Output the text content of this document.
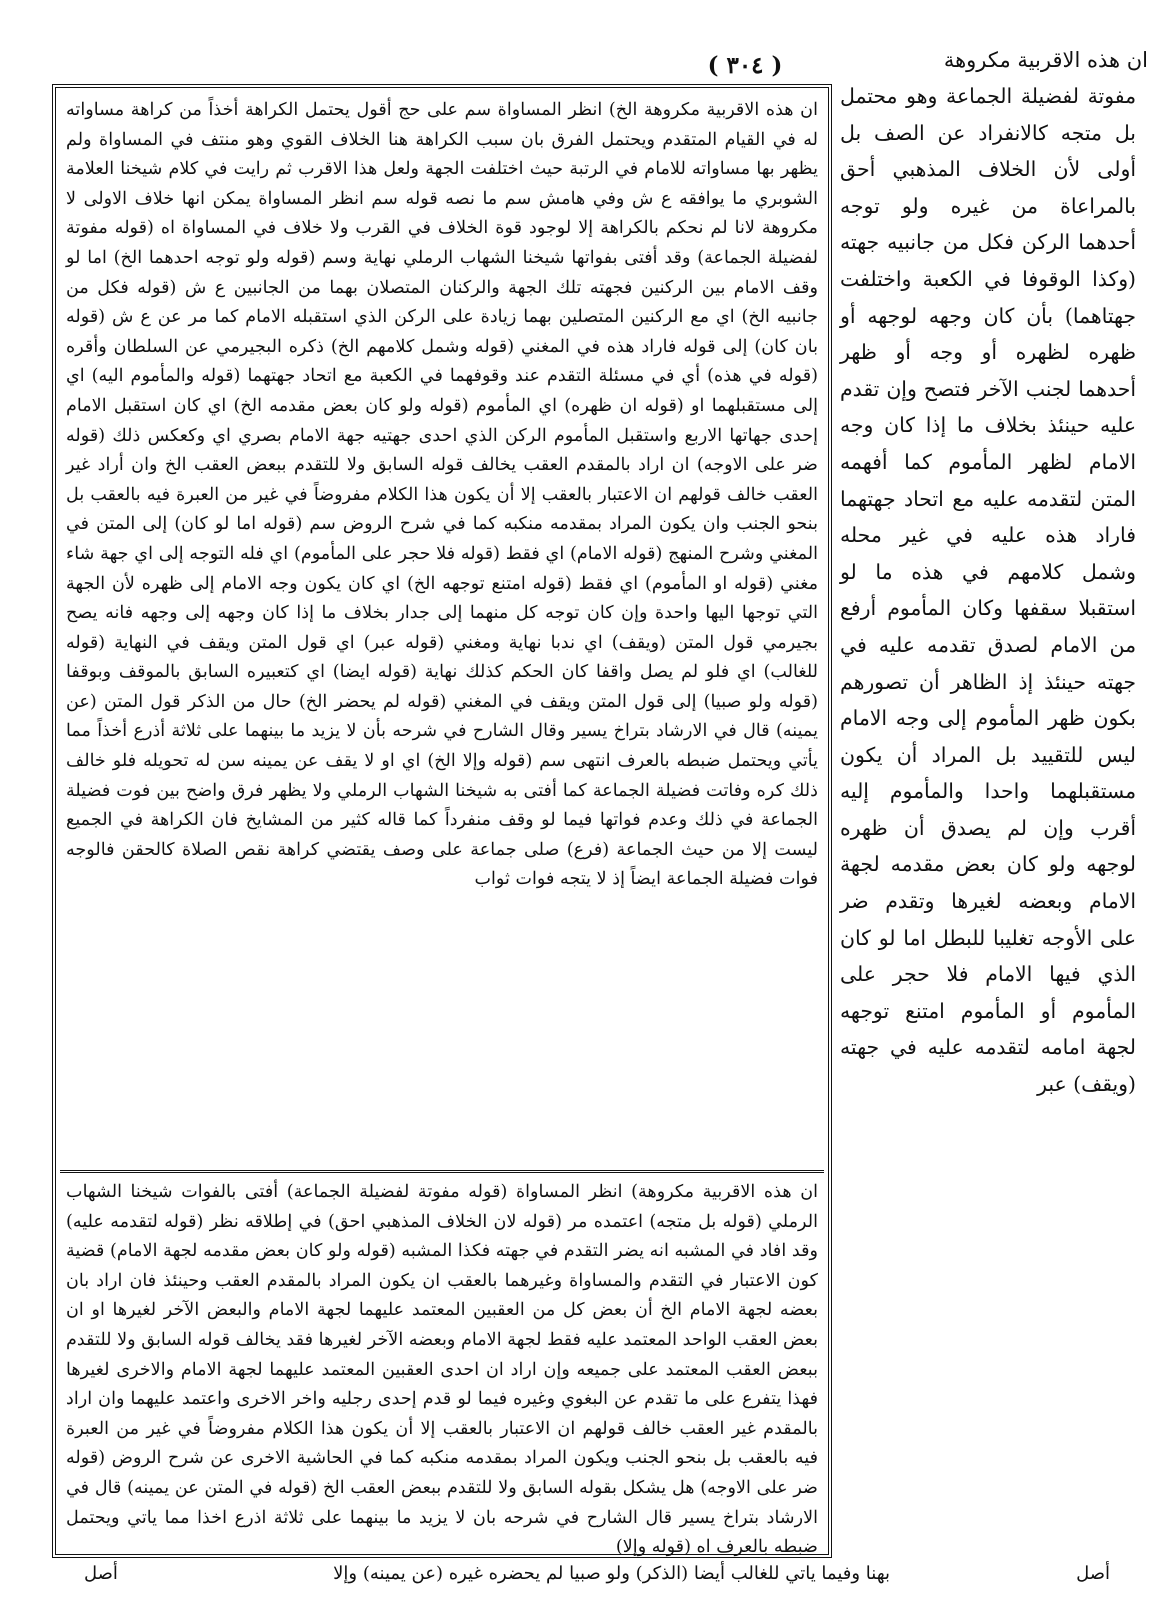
ان هذه الاقربية مكروهة
( ٣٠٤ )
مفوتة لفضيلة الجماعة وهو محتمل بل متجه كالانفراد عن الصف بل أولى لأن الخلاف المذهبي أحق بالمراعاة من غيره ولو توجه أحدهما الركن فكل من جانبيه جهته (وكذا الوقوفا في الكعبة واختلفت جهتاهما) بأن كان وجهه لوجهه أو ظهره لظهره أو وجه أو ظهر أحدهما لجنب الآخر فتصح وإن تقدم عليه حينئذ بخلاف ما إذا كان وجه الامام لظهر المأموم كما أفهمه المتن لتقدمه عليه مع اتحاد جهتهما فاراد هذه عليه في غير محله وشمل كلامهم في هذه ما لو استقبلا سقفها وكان المأموم أرفع من الامام لصدق تقدمه عليه في جهته حينئذ إذ الظاهر أن تصورهم بكون ظهر المأموم إلى وجه الامام ليس للتقييد بل المراد أن يكون مستقبلهما واحدا والمأموم إليه أقرب وإن لم يصدق أن ظهره لوجهه ولو كان بعض مقدمه لجهة الامام وبعضه لغيرها وتقدم ضر على الأوجه تغليبا للبطل اما لو كان الذي فيها الامام فلا حجر على المأموم أو المأموم امتنع توجهه لجهة امامه لتقدمه عليه في جهته (ويقف) عبر
ان هذه الاقربية مكروهة الخ) انظر المساواة سم على حج أقول يحتمل الكراهة أخذاً من كراهة مساواته له في القيام المتقدم ويحتمل الفرق بان سبب الكراهة هنا الخلاف القوي وهو منتف في المساواة ولم يظهر بها مساواته للامام في الرتبة حيث اختلفت الجهة ولعل هذا الاقرب ثم رايت في كلام شيخنا العلامة الشوبري ما يوافقه ع ش وفي هامش سم ما نصه قوله سم انظر المساواة يمكن انها خلاف الاولى لا مكروهة لانا لم نحكم بالكراهة إلا لوجود قوة الخلاف في القرب ولا خلاف في المساواة اه (قوله مفوتة لفضيلة الجماعة) وقد أفتى بفواتها شيخنا الشهاب الرملي نهاية وسم (قوله ولو توجه احدهما الخ) اما لو وقف الامام بين الركنين فجهته تلك الجهة والركنان المتصلان بهما من الجانبين ع ش (قوله فكل من جانبيه الخ) اي مع الركنين المتصلين بهما زيادة على الركن الذي استقبله الامام كما مر عن ع ش (قوله بان كان) إلى قوله فاراد هذه في المغني (قوله وشمل كلامهم الخ) ذكره البجيرمي عن السلطان وأقره (قوله في هذه) أي في مسئلة التقدم عند وقوفهما في الكعبة مع اتحاد جهتهما (قوله والمأموم اليه) اي إلى مستقبلهما او (قوله ان ظهره) اي المأموم (قوله ولو كان بعض مقدمه الخ) اي كان استقبل الامام إحدى جهاتها الاربع واستقبل المأموم الركن الذي احدى جهتيه جهة الامام بصري اي وكعكس ذلك (قوله ضر على الاوجه) ان اراد بالمقدم العقب يخالف قوله السابق ولا للتقدم ببعض العقب الخ وان أراد غير العقب خالف قولهم ان الاعتبار بالعقب إلا أن يكون هذا الكلام مفروضاً في غير من العبرة فيه بالعقب بل بنحو الجنب وان يكون المراد بمقدمه منكبه كما في شرح الروض سم (قوله اما لو كان) إلى المتن في المغني وشرح المنهج (قوله الامام) اي فقط (قوله فلا حجر على المأموم) اي فله التوجه إلى اي جهة شاء مغني (قوله او المأموم) اي فقط (قوله امتنع توجهه الخ) اي كان يكون وجه الامام إلى ظهره لأن الجهة التي توجها اليها واحدة وإن كان توجه كل منهما إلى جدار بخلاف ما إذا كان وجهه إلى وجهه فانه يصح بجيرمي قول المتن (ويقف) اي ندبا نهاية ومغني (قوله عبر) اي قول المتن ويقف في النهاية (قوله للغالب) اي فلو لم يصل واقفا كان الحكم كذلك نهاية (قوله ايضا) اي كتعبيره السابق بالموقف وبوقفا (قوله ولو صبيا) إلى قول المتن ويقف في المغني (قوله لم يحضر الخ) حال من الذكر قول المتن (عن يمينه) قال في الارشاد بتراخ يسير وقال الشارح في شرحه بأن لا يزيد ما بينهما على ثلاثة أذرع أخذاً مما يأتي ويحتمل ضبطه بالعرف انتهى سم (قوله وإلا الخ) اي او لا يقف عن يمينه سن له تحويله فلو خالف ذلك كره وفاتت فضيلة الجماعة كما أفتى به شيخنا الشهاب الرملي ولا يظهر فرق واضح بين فوت فضيلة الجماعة في ذلك وعدم فواتها فيما لو وقف منفرداً كما قاله كثير من المشايخ فان الكراهة في الجميع ليست إلا من حيث الجماعة (فرع) صلى جماعة على وصف يقتضي كراهة نقص الصلاة كالحقن فالوجه فوات فضيلة الجماعة ايضاً إذ لا يتجه فوات ثواب
ان هذه الاقربية مكروهة) انظر المساواة (قوله مفوتة لفضيلة الجماعة) أفتى بالفوات شيخنا الشهاب الرملي (قوله بل متجه) اعتمده مر (قوله لان الخلاف المذهبي احق) في إطلاقه نظر (قوله لتقدمه عليه) وقد افاد في المشبه انه يضر التقدم في جهته فكذا المشبه (قوله ولو كان بعض مقدمه لجهة الامام) قضية كون الاعتبار في التقدم والمساواة وغيرهما بالعقب ان يكون المراد بالمقدم العقب وحينئذ فان اراد بان بعضه لجهة الامام الخ أن بعض كل من العقبين المعتمد عليهما لجهة الامام والبعض الآخر لغيرها او ان بعض العقب الواحد المعتمد عليه فقط لجهة الامام وبعضه الآخر لغيرها فقد يخالف قوله السابق ولا للتقدم ببعض العقب المعتمد على جميعه وإن اراد ان احدى العقبين المعتمد عليهما لجهة الامام والاخرى لغيرها فهذا يتفرع على ما تقدم عن البغوي وغيره فيما لو قدم إحدى رجليه واخر الاخرى واعتمد عليهما وان اراد بالمقدم غير العقب خالف قولهم ان الاعتبار بالعقب إلا أن يكون هذا الكلام مفروضاً في غير من العبرة فيه بالعقب بل بنحو الجنب ويكون المراد بمقدمه منكبه كما في الحاشية الاخرى عن شرح الروض (قوله ضر على الاوجه) هل يشكل بقوله السابق ولا للتقدم ببعض العقب الخ (قوله في المتن عن يمينه) قال في الارشاد بتراخ يسير قال الشارح في شرحه بان لا يزيد ما بينهما على ثلاثة اذرع اخذا مما ياتي ويحتمل ضبطه بالعرف اه (قوله وإلا)
بهنا وفيما ياتي للغالب أيضا (الذكر) ولو صبيا لم يحضره غيره (عن يمينه) وإلا	أصل
أصل
